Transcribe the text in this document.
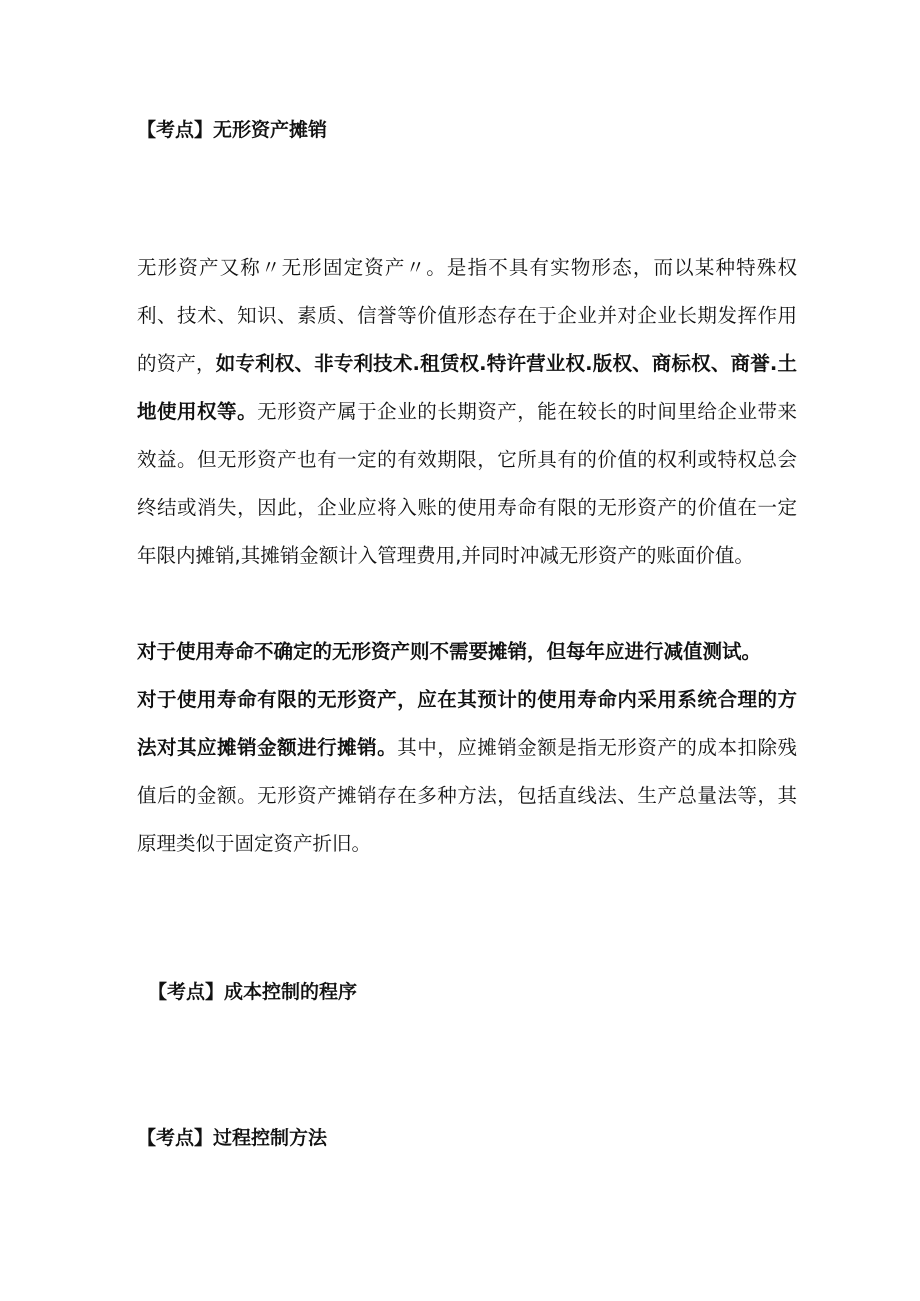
【考点】无形资产摊销

无形资产又称〃无形固定资产〃。是指不具有实物形态，而以某种特殊权利、技术、知识、素质、信誉等价值形态存在于企业并对企业长期发挥作用的资产，如专利权、非专利技术.租赁权.特许营业权.版权、商标权、商誉.土地使用权等。无形资产属于企业的长期资产，能在较长的时间里给企业带来效益。但无形资产也有一定的有效期限，它所具有的价值的权利或特权总会终结或消失，因此，企业应将入账的使用寿命有限的无形资产的价值在一定年限内摊销,其摊销金额计入管理费用,并同时冲减无形资产的账面价值。

对于使用寿命不确定的无形资产则不需要摊销，但每年应进行减值测试。

对于使用寿命有限的无形资产，应在其预计的使用寿命内采用系统合理的方法对其应摊销金额进行摊销。其中，应摊销金额是指无形资产的成本扣除残值后的金额。无形资产摊销存在多种方法，包括直线法、生产总量法等，其原理类似于固定资产折旧。

【考点】成本控制的程序
【考点】过程控制方法
